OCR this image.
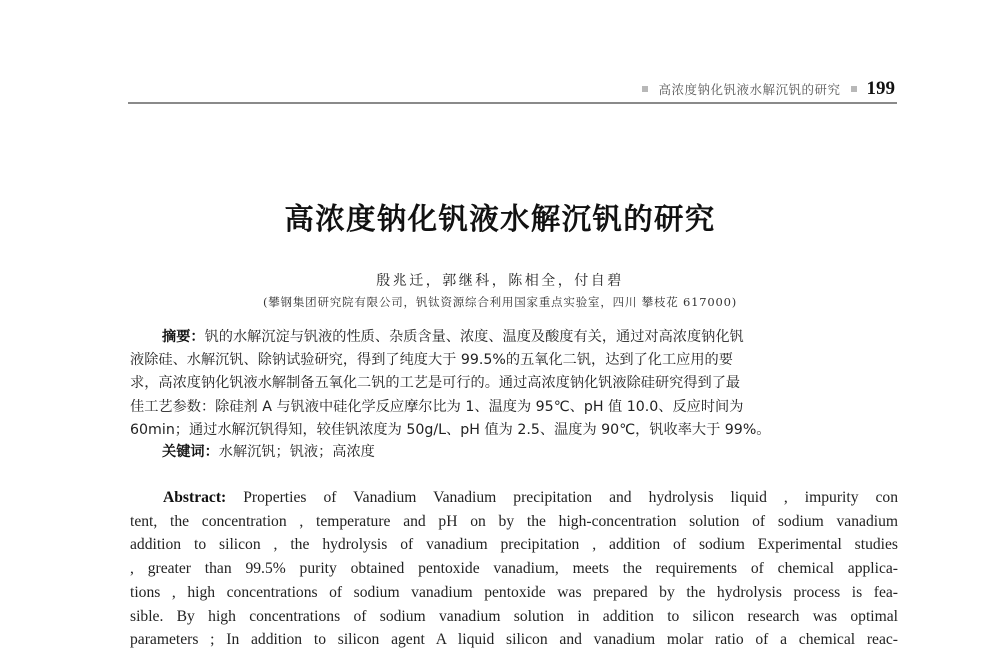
高浓度钠化钒液水解沉钒的研究 199
高浓度钠化钒液水解沉钒的研究
殷兆迁，郭继科，陈相全，付自碧
(攀钢集团研究院有限公司，钒钛资源综合利用国家重点实验室，四川 攀枝花 617000)
摘要：钒的水解沉淀与钒液的性质、杂质含量、浓度、温度及酸度有关，通过对高浓度钠化钒
液除硅、水解沉钒、除钠试验研究，得到了纯度大于 99.5%的五氧化二钒，达到了化工应用的要
求，高浓度钠化钒液水解制备五氧化二钒的工艺是可行的。通过高浓度钠化钒液除硅研究得到了最
佳工艺参数：除硅剂 A 与钒液中硅化学反应摩尔比为 1、温度为 95℃、pH 值 10.0、反应时间为
60min；通过水解沉钒得知，较佳钒浓度为 50g/L、pH 值为 2.5、温度为 90℃，钒收率大于 99%。
关键词：水解沉钒；钒液；高浓度
Abstract: Properties of Vanadium Vanadium precipitation and hydrolysis liquid , impurity con
tent, the concentration , temperature and pH on by the high-concentration solution of sodium vanadium
addition to silicon , the hydrolysis of vanadium precipitation , addition of sodium Experimental studies
, greater than 99.5% purity obtained pentoxide vanadium, meets the requirements of chemical applica-
tions , high concentrations of sodium vanadium pentoxide was prepared by the hydrolysis process is fea-
sible. By high concentrations of sodium vanadium solution in addition to silicon research was optimal
parameters ; In addition to silicon agent A liquid silicon and vanadium molar ratio of a chemical reac-
